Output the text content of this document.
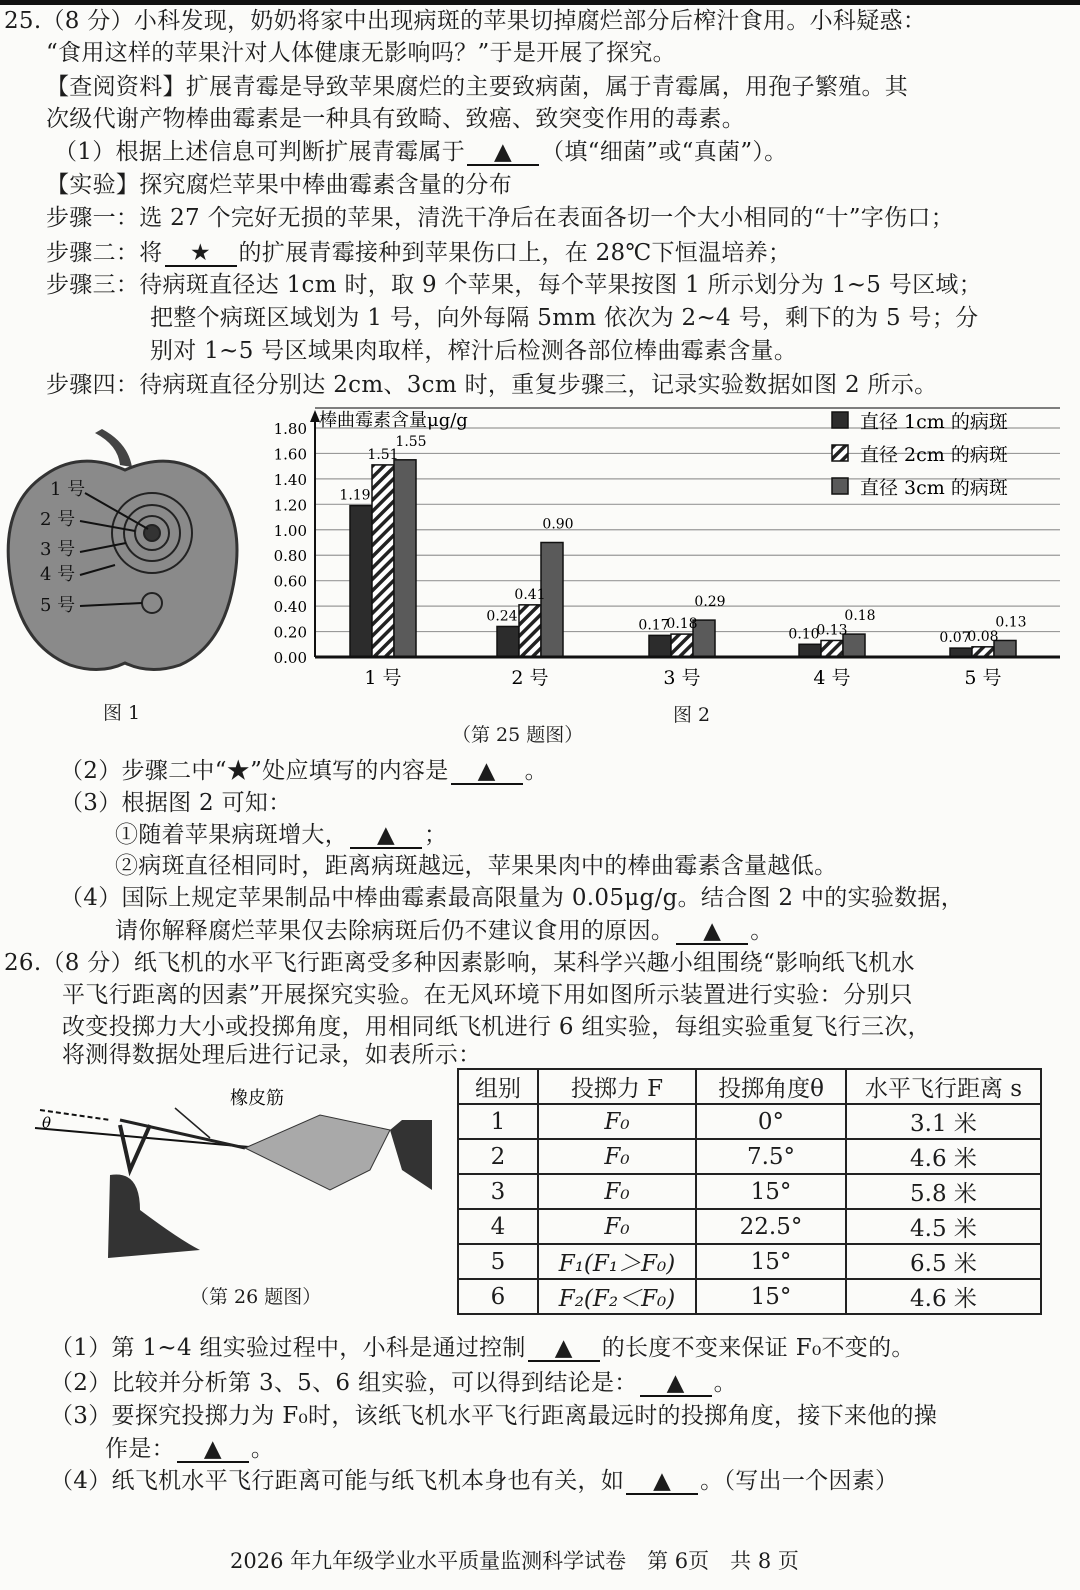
25.（8 分）小科发现，奶奶将家中出现病斑的苹果切掉腐烂部分后榨汁食用。小科疑惑：
“食用这样的苹果汁对人体健康无影响吗？”于是开展了探究。
【查阅资料】扩展青霉是导致苹果腐烂的主要致病菌，属于青霉属，用孢子繁殖。其
次级代谢产物棒曲霉素是一种具有致畸、致癌、致突变作用的毒素。
（1）根据上述信息可判断扩展青霉属于 ▲ （填“细菌”或“真菌”）。
【实验】探究腐烂苹果中棒曲霉素含量的分布
步骤一：选 27 个完好无损的苹果，清洗干净后在表面各切一个大小相同的“十”字伤口；
步骤二：将 ★ 的扩展青霉接种到苹果伤口上，在 28℃下恒温培养；
步骤三：待病斑直径达 1cm 时，取 9 个苹果，每个苹果按图 1 所示划分为 1~5 号区域；
把整个病斑区域划为 1 号，向外每隔 5mm 依次为 2~4 号，剩下的为 5 号；分
别对 1~5 号区域果肉取样，榨汁后检测各部位棒曲霉素含量。
步骤四：待病斑直径分别达 2cm、3cm 时，重复步骤三，记录实验数据如图 2 所示。
（2）步骤二中“★”处应填写的内容是 ▲ 。
（3）根据图 2 可知：
①随着苹果病斑增大， ▲ ；
②病斑直径相同时，距离病斑越远，苹果果肉中的棒曲霉素含量越低。
（4）国际上规定苹果制品中棒曲霉素最高限量为 0.05μg/g。结合图 2 中的实验数据，
请你解释腐烂苹果仅去除病斑后仍不建议食用的原因。 ▲ 。
26.（8 分）纸飞机的水平飞行距离受多种因素影响，某科学兴趣小组围绕“影响纸飞机水
平飞行距离的因素”开展探究实验。在无风环境下用如图所示装置进行实验：分别只
改变投掷力大小或投掷角度，用相同纸飞机进行 6 组实验，每组实验重复飞行三次，
将测得数据处理后进行记录，如表所示：
（1）第 1~4 组实验过程中，小科是通过控制 ▲ 的长度不变来保证 F₀不变的。
（2）比较并分析第 3、5、6 组实验，可以得到结论是： ▲ 。
（3）要探究投掷力为 F₀时，该纸飞机水平飞行距离最远时的投掷角度，接下来他的操
作是： ▲ 。
（4）纸飞机水平飞行距离可能与纸飞机本身也有关，如 ▲ 。（写出一个因素）
1 号
2 号
3 号
4 号
5 号
图 1	图 2
（第 25 题图）
0.00
0.20
0.40
0.60
0.80
1.00
1.20
1.40
1.60
1.80 棒曲霉素含量μg/g
1 号
1.19
1.51
1.55
2 号
0.24
0.41
0.90
3 号
0.17
0.18
0.29
4 号
0.10
0.13
0.18
5 号
0.07
0.08
0.13
直径 1cm 的病斑
直径 2cm 的病斑
直径 3cm 的病斑
θ
橡皮筋
（第 26 题图）
组别	投掷力 F	投掷角度θ	水平飞行距离 s
1	F₀	0°	3.1 米
2	F₀	7.5°	4.6 米
3	F₀	15°	5.8 米
4	F₀	22.5°	4.5 米
5	F₁(F₁＞F₀)	15°	6.5 米
6	F₂(F₂＜F₀)	15°	4.6 米
2026 年九年级学业水平质量监测科学试卷　第 6页　共 8 页
